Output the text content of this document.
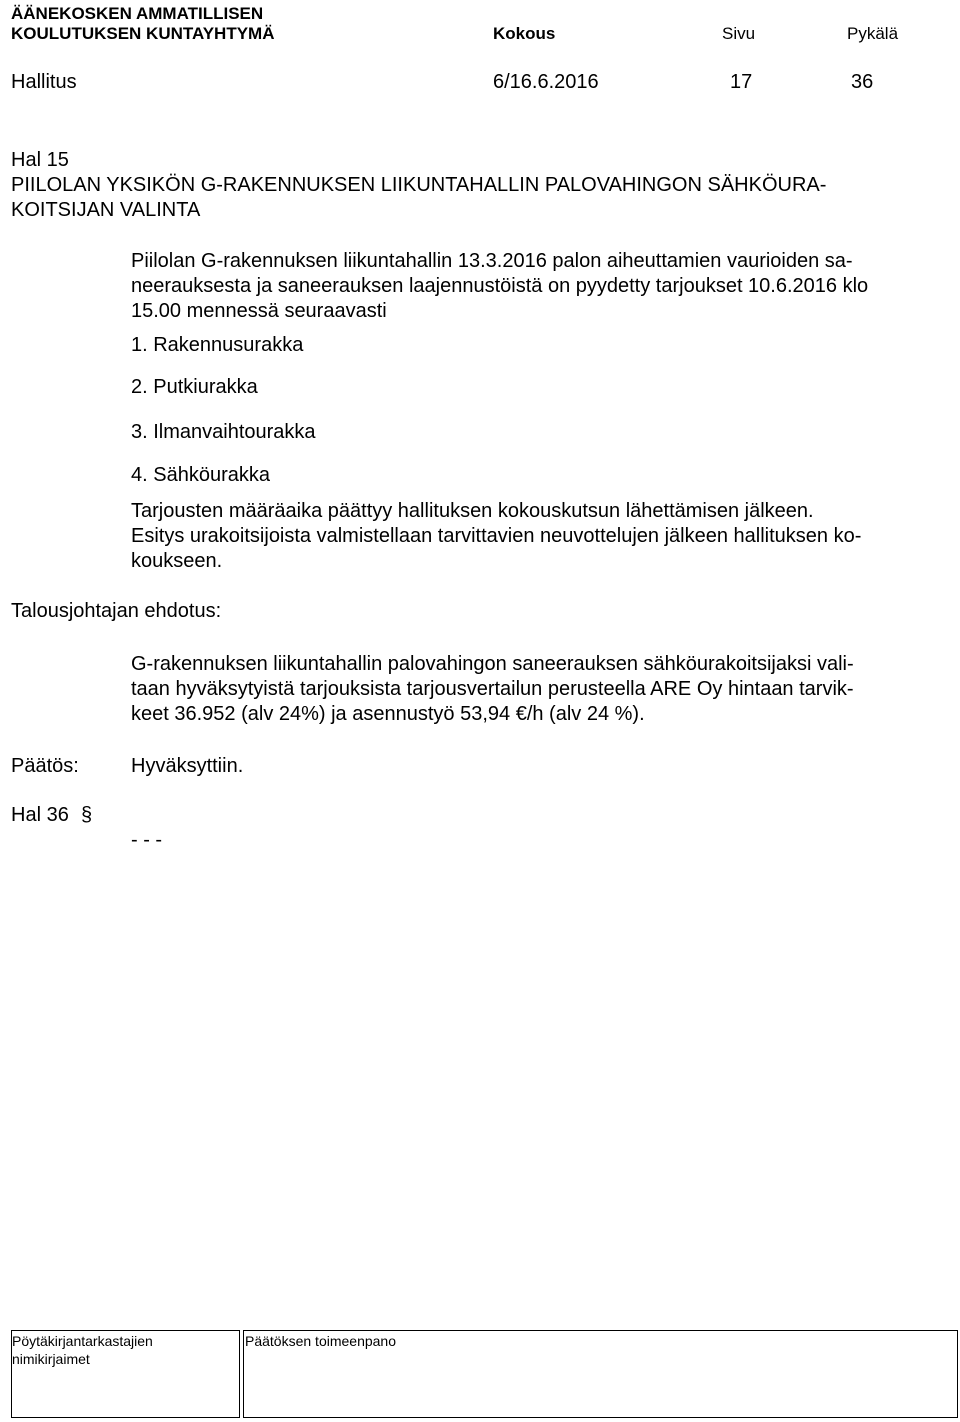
ÄÄNEKOSKEN AMMATILLISEN
KOULUTUKSEN KUNTAYHTYMÄ	Kokous	Sivu	Pykälä
Hallitus	6/16.6.2016	17	36
Hal 15
PIILOLAN YKSIKÖN G-RAKENNUKSEN LIIKUNTAHALLIN PALOVAHINGON SÄHKÖURA-
KOITSIJAN VALINTA
Piilolan G-rakennuksen liikuntahallin 13.3.2016 palon aiheuttamien vaurioiden sa-
neerauksesta ja saneerauksen laajennustöistä on pyydetty tarjoukset 10.6.2016 klo
15.00 mennessä seuraavasti
1. Rakennusurakka
2. Putkiurakka
3. Ilmanvaihtourakka
4. Sähköurakka
Tarjousten määräaika päättyy hallituksen kokouskutsun lähettämisen jälkeen.
Esitys urakoitsijoista valmistellaan tarvittavien neuvottelujen jälkeen hallituksen ko-
koukseen.
Talousjohtajan ehdotus:
G-rakennuksen liikuntahallin palovahingon saneerauksen sähköurakoitsijaksi vali-
taan hyväksytyistä tarjouksista tarjousvertailun perusteella ARE Oy hintaan tarvik-
keet 36.952 (alv 24%) ja asennustyö 53,94 €/h (alv 24 %).
Päätös:	Hyväksyttiin.
Hal 36 §
- - -
Pöytäkirjantarkastajien
nimikirjaimet
Päätöksen toimeenpano
